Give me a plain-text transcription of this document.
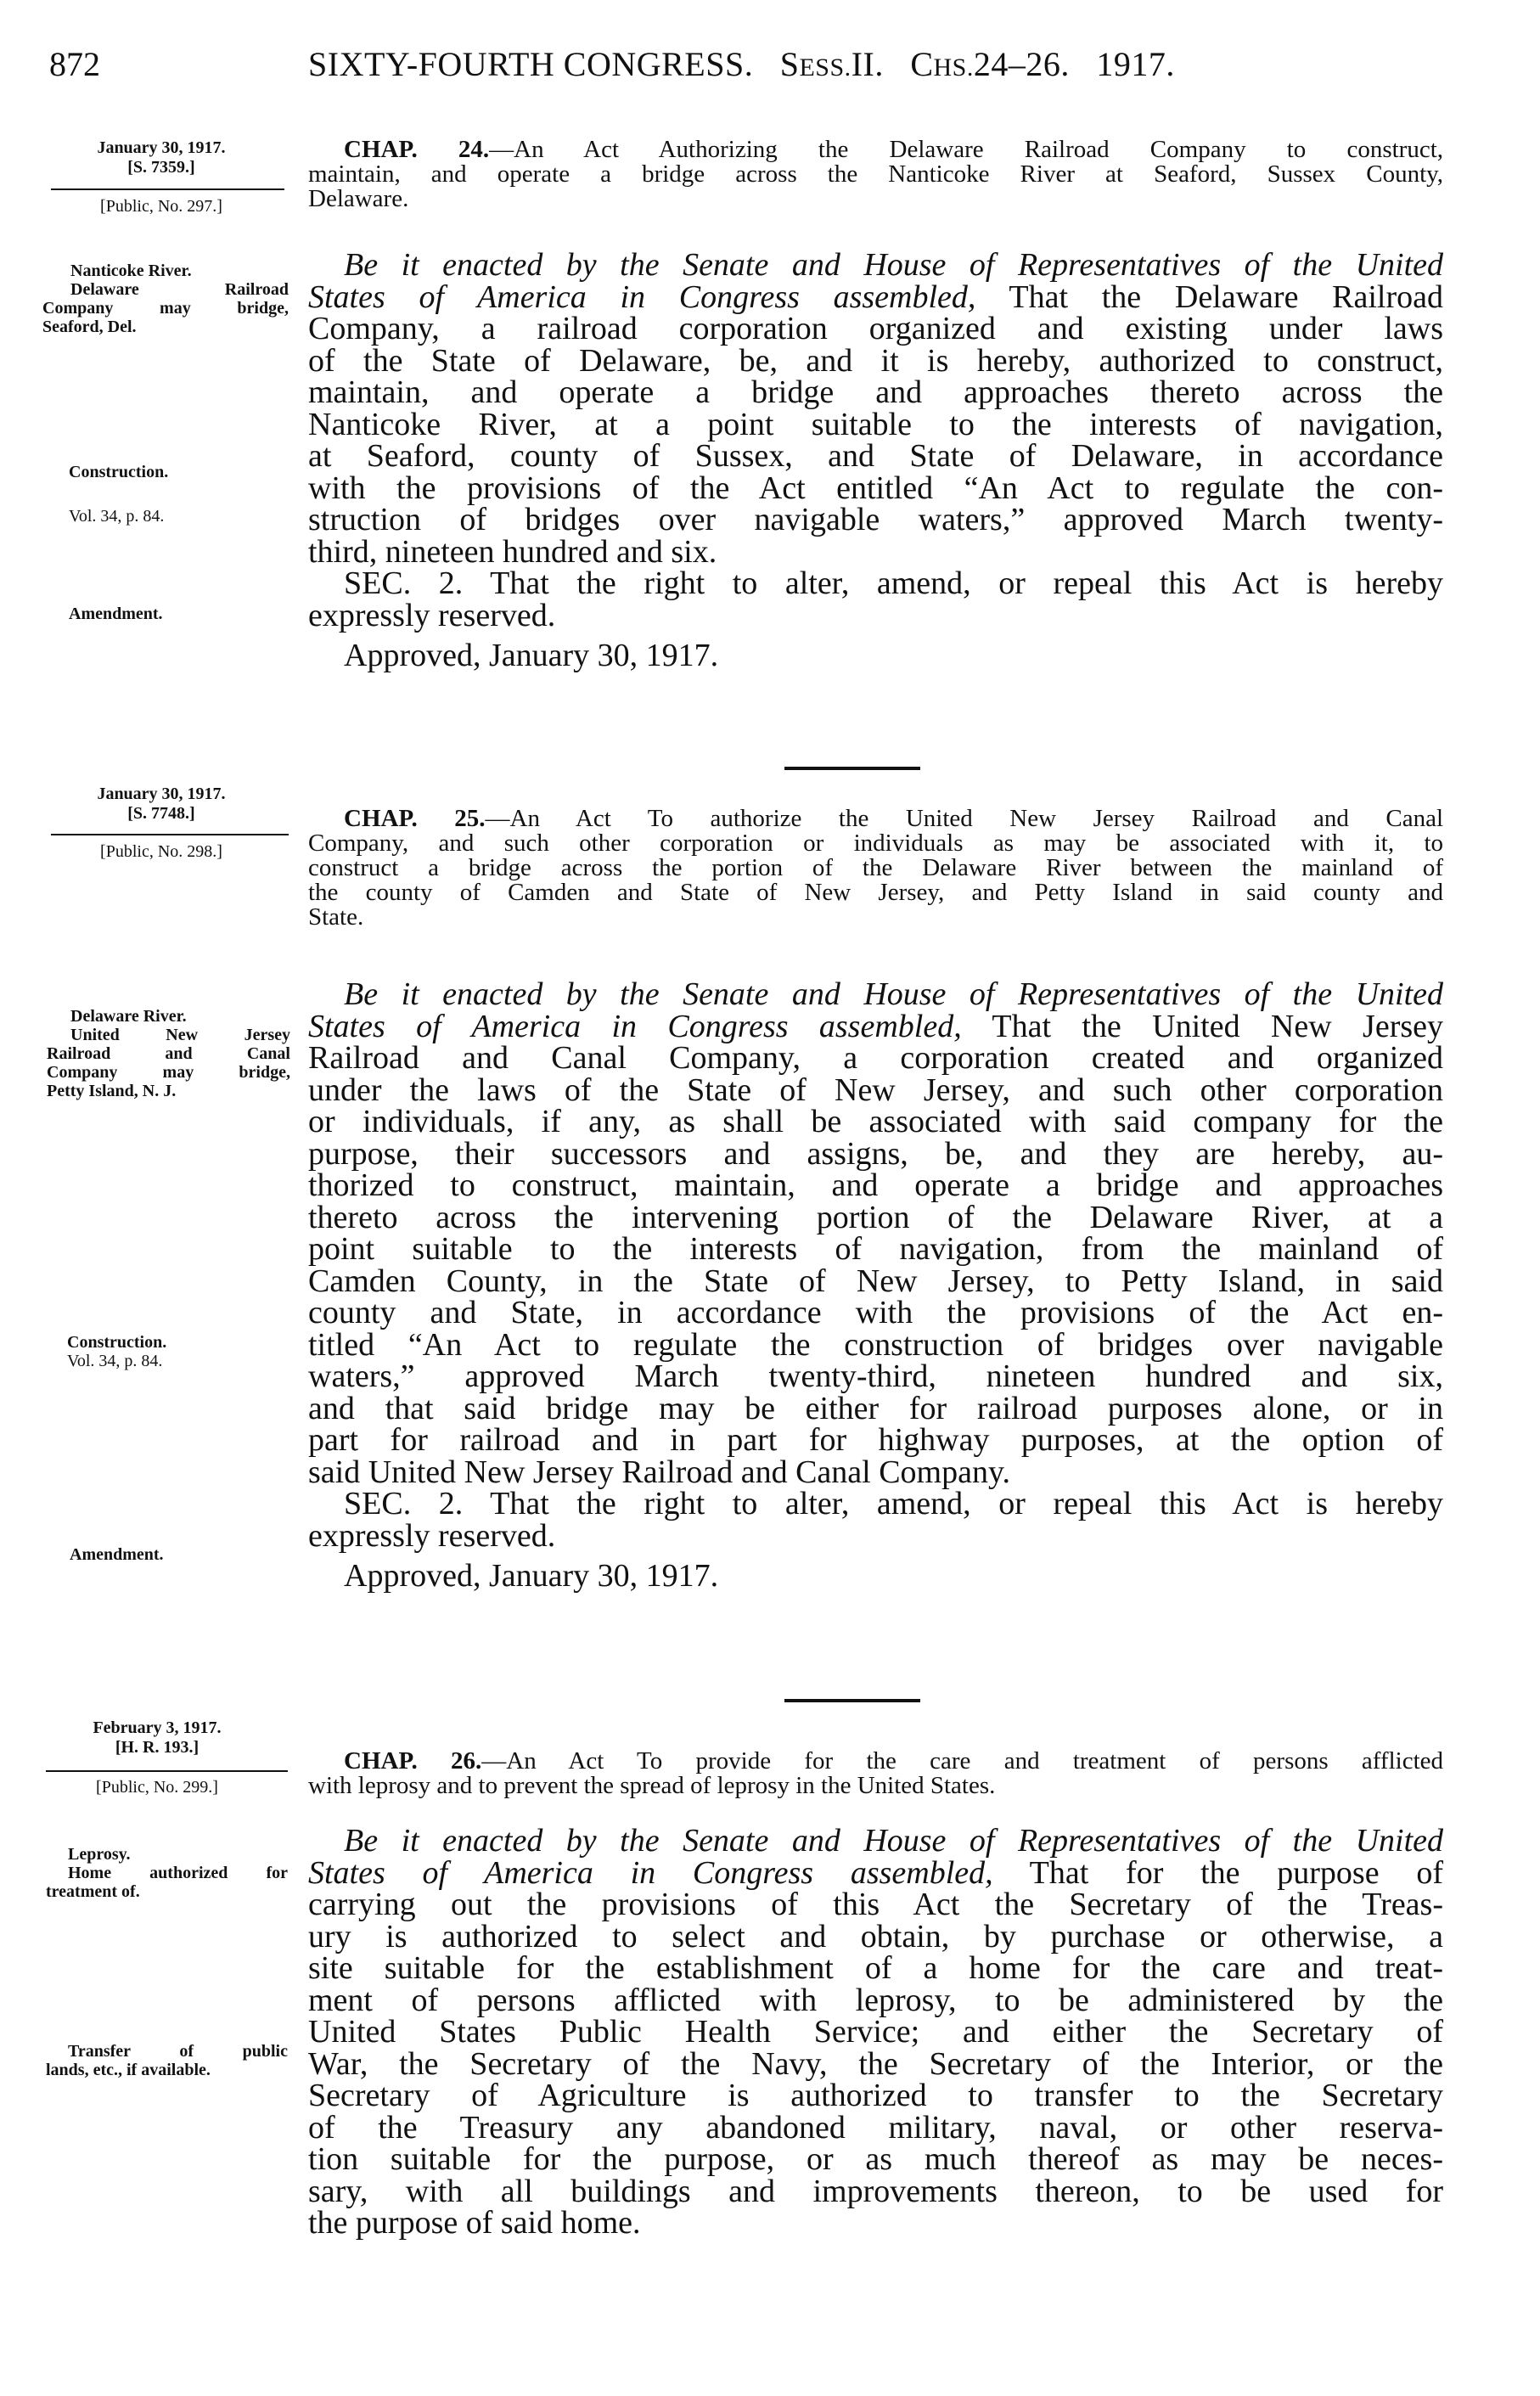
872	SIXTY-FOURTH CONGRESS. SESS.II. CHS.24–26. 1917.
January 30, 1917.
[S. 7359.]
[Public, No. 297.]
Nanticoke River.
Delaware Railroad
Company may bridge,
Seaford, Del.
Construction.
Vol. 34, p. 84.
Amendment.
CHAP. 24.—An Act Authorizing the Delaware Railroad Company to construct,
maintain, and operate a bridge across the Nanticoke River at Seaford, Sussex County,
Delaware.
Be it enacted by the Senate and House of Representatives of the United
States of America in Congress assembled, That the Delaware Railroad
Company, a railroad corporation organized and existing under laws
of the State of Delaware, be, and it is hereby, authorized to construct,
maintain, and operate a bridge and approaches thereto across the
Nanticoke River, at a point suitable to the interests of navigation,
at Seaford, county of Sussex, and State of Delaware, in accordance
with the provisions of the Act entitled “An Act to regulate the con-
struction of bridges over navigable waters,” approved March twenty-
third, nineteen hundred and six.
SEC. 2. That the right to alter, amend, or repeal this Act is hereby
expressly reserved.
Approved, January 30, 1917.
January 30, 1917.
[S. 7748.]
[Public, No. 298.]
Delaware River.
United New Jersey
Railroad and Canal
Company may bridge,
Petty Island, N. J.
Construction.
Vol. 34, p. 84.
Amendment.
CHAP. 25.—An Act To authorize the United New Jersey Railroad and Canal
Company, and such other corporation or individuals as may be associated with it, to
construct a bridge across the portion of the Delaware River between the mainland of
the county of Camden and State of New Jersey, and Petty Island in said county and
State.
Be it enacted by the Senate and House of Representatives of the United
States of America in Congress assembled, That the United New Jersey
Railroad and Canal Company, a corporation created and organized
under the laws of the State of New Jersey, and such other corporation
or individuals, if any, as shall be associated with said company for the
purpose, their successors and assigns, be, and they are hereby, au-
thorized to construct, maintain, and operate a bridge and approaches
thereto across the intervening portion of the Delaware River, at a
point suitable to the interests of navigation, from the mainland of
Camden County, in the State of New Jersey, to Petty Island, in said
county and State, in accordance with the provisions of the Act en-
titled “An Act to regulate the construction of bridges over navigable
waters,” approved March twenty-third, nineteen hundred and six,
and that said bridge may be either for railroad purposes alone, or in
part for railroad and in part for highway purposes, at the option of
said United New Jersey Railroad and Canal Company.
SEC. 2. That the right to alter, amend, or repeal this Act is hereby
expressly reserved.
Approved, January 30, 1917.
February 3, 1917.
[H. R. 193.]
[Public, No. 299.]
Leprosy.
Home authorized for
treatment of.
Transfer of public
lands, etc., if available.
CHAP. 26.—An Act To provide for the care and treatment of persons afflicted
with leprosy and to prevent the spread of leprosy in the United States.
Be it enacted by the Senate and House of Representatives of the United
States of America in Congress assembled, That for the purpose of
carrying out the provisions of this Act the Secretary of the Treas-
ury is authorized to select and obtain, by purchase or otherwise, a
site suitable for the establishment of a home for the care and treat-
ment of persons afflicted with leprosy, to be administered by the
United States Public Health Service; and either the Secretary of
War, the Secretary of the Navy, the Secretary of the Interior, or the
Secretary of Agriculture is authorized to transfer to the Secretary
of the Treasury any abandoned military, naval, or other reserva-
tion suitable for the purpose, or as much thereof as may be neces-
sary, with all buildings and improvements thereon, to be used for
the purpose of said home.
